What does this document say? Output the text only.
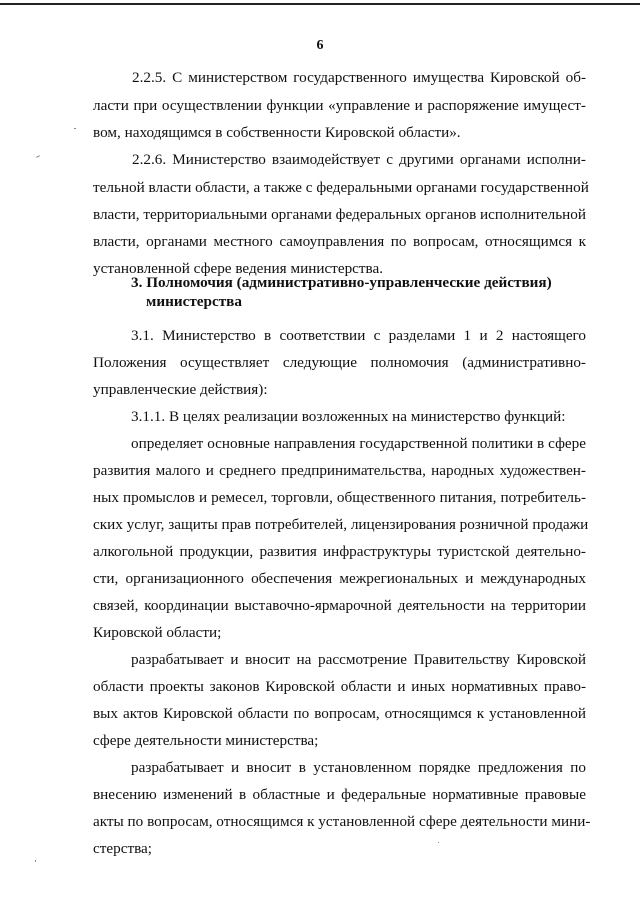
6
2.2.5. С министерством государственного имущества Кировской об-
ласти при осуществлении функции «управление и распоряжение имущест-
вом, находящимся в собственности Кировской области».
2.2.6. Министерство взаимодействует с другими органами исполни-
тельной власти области, а также с федеральными органами государственной
власти, территориальными органами федеральных органов исполнительной
власти, органами местного самоуправления по вопросам, относящимся к
установленной сфере ведения министерства.
3. Полномочия (административно-управленческие действия)
министерства
3.1. Министерство в соответствии с разделами 1 и 2 настоящего
Положения осуществляет следующие полномочия (административно-
управленческие действия):
3.1.1. В целях реализации возложенных на министерство функций:
определяет основные направления государственной политики в сфере
развития малого и среднего предпринимательства, народных художествен-
ных промыслов и ремесел, торговли, общественного питания, потребитель-
ских услуг, защиты прав потребителей, лицензирования розничной продажи
алкогольной продукции, развития инфраструктуры туристской деятельно-
сти, организационного обеспечения межрегиональных и международных
связей, координации выставочно-ярмарочной деятельности на территории
Кировской области;
разрабатывает и вносит на рассмотрение Правительству Кировской
области проекты законов Кировской области и иных нормативных право-
вых актов Кировской области по вопросам, относящимся к установленной
сфере деятельности министерства;
разрабатывает и вносит в установленном порядке предложения по
внесению изменений в областные и федеральные нормативные правовые
акты по вопросам, относящимся к установленной сфере деятельности мини-
стерства;
